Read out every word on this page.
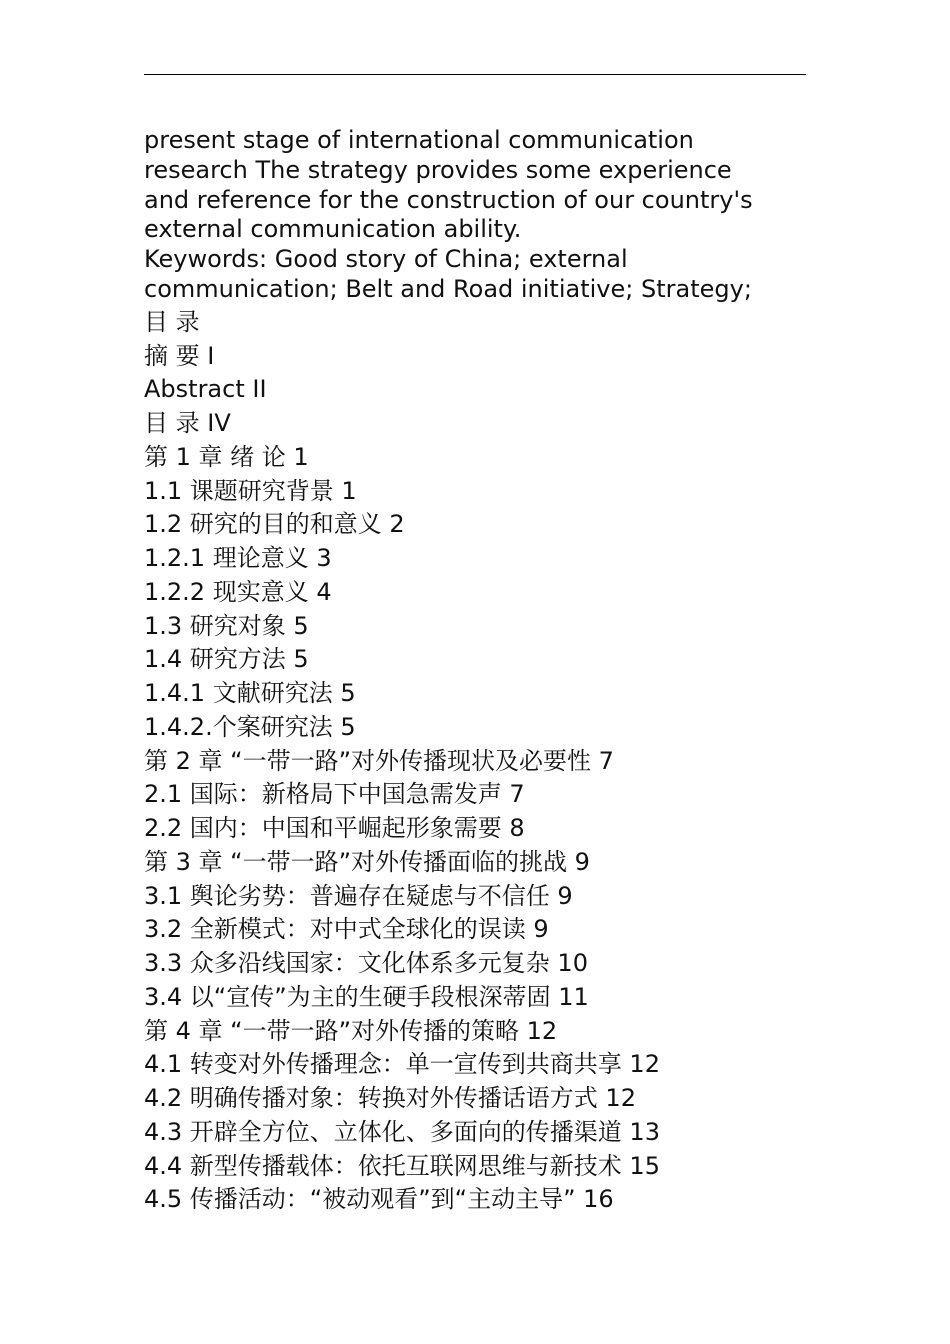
present stage of international communication
research The strategy provides some experience
and reference for the construction of our country's
external communication ability.
Keywords: Good story of China; external
communication; Belt and Road initiative; Strategy;
目 录
摘 要 I
Abstract II
目 录 IV
第 1 章 绪 论 1
1.1 课题研究背景 1
1.2 研究的目的和意义 2
1.2.1 理论意义 3
1.2.2 现实意义 4
1.3 研究对象 5
1.4 研究方法 5
1.4.1 文献研究法 5
1.4.2.个案研究法 5
第 2 章 “一带一路”对外传播现状及必要性 7
2.1 国际：新格局下中国急需发声 7
2.2 国内：中国和平崛起形象需要 8
第 3 章 “一带一路”对外传播面临的挑战 9
3.1 舆论劣势：普遍存在疑虑与不信任 9
3.2 全新模式：对中式全球化的误读 9
3.3 众多沿线国家：文化体系多元复杂 10
3.4 以“宣传”为主的生硬手段根深蒂固 11
第 4 章 “一带一路”对外传播的策略 12
4.1 转变对外传播理念：单一宣传到共商共享 12
4.2 明确传播对象：转换对外传播话语方式 12
4.3 开辟全方位、立体化、多面向的传播渠道 13
4.4 新型传播载体：依托互联网思维与新技术 15
4.5 传播活动：“被动观看”到“主动主导” 16
